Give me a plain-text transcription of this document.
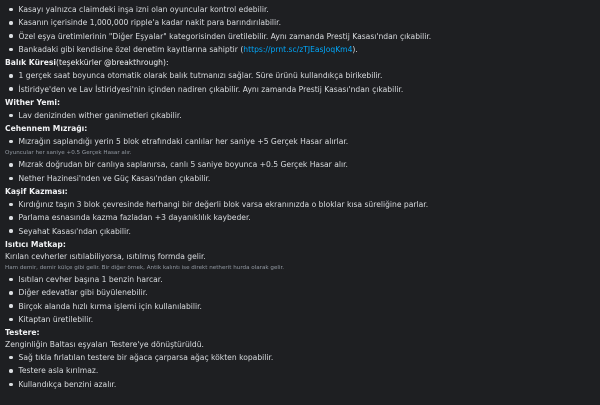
Kasayı yalnızca claimdeki inşa izni olan oyuncular kontrol edebilir.
Kasanın içerisinde 1,000,000 ripple'a kadar nakit para barındırılabilir.
Özel eşya üretimlerinin "Diğer Eşyalar" kategorisinden üretilebilir. Aynı zamanda Prestij Kasası'ndan çıkabilir.
Bankadaki gibi kendisine özel denetim kayıtlarına sahiptir ( https://prnt.sc/zTJEasJoqKm4 ).
Balık Küresi (teşekkürler @breakthrough):
1 gerçek saat boyunca otomatik olarak balık tutmanızı sağlar. Süre ürünü kullandıkça birikebilir.
İstiridye'den ve Lav İstiridyesi'nin içinden nadiren çıkabilir. Aynı zamanda Prestij Kasası'ndan çıkabilir.
Wither Yemi :
Lav denizinden wither ganimetleri çıkabilir.
Cehennem Mızrağı :
Mızrağın saplandığı yerin 5 blok etrafındaki canlılar her saniye +5 Gerçek Hasar alırlar.
Oyuncular her saniye +0.5 Gerçek Hasar alır.
Mızrak doğrudan bir canlıya saplanırsa, canlı 5 saniye boyunca +0.5 Gerçek Hasar alır.
Nether Hazinesi'nden ve Güç Kasası'ndan çıkabilir.
Kaşif Kazması :
Kırdığınız taşın 3 blok çevresinde herhangi bir değerli blok varsa ekranınızda o bloklar kısa süreliğine parlar.
Parlama esnasında kazma fazladan +3 dayanıklılık kaybeder.
Seyahat Kasası'ndan çıkabilir.
Isıtıcı Matkap :
Kırılan cevherler ısıtılabiliyorsa, ısıtılmış formda gelir.
Ham demir, demir külçe gibi gelir. Bir diğer örnek, Antik kalıntı ise direkt netherit hurda olarak gelir.
Isıtılan cevher başına 1 benzin harcar.
Diğer edevatlar gibi büyülenebilir.
Birçok alanda hızlı kırma işlemi için kullanılabilir.
Kitaptan üretilebilir.
Testere :
Zenginliğin Baltası eşyaları Testere'ye dönüştürüldü.
Sağ tıkla fırlatılan testere bir ağaca çarparsa ağaç kökten kopabilir.
Testere asla kırılmaz.
Kullandıkça benzini azalır.
